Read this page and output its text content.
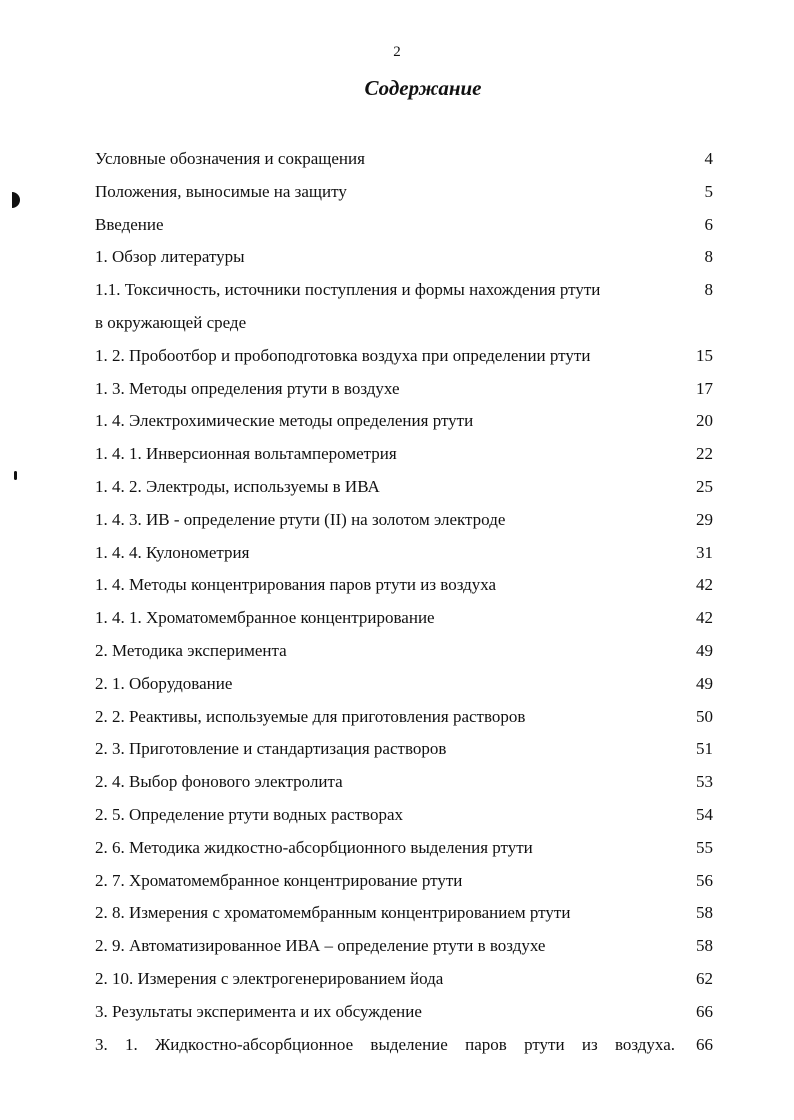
2
Содержание
Условные обозначения и сокращения	4
Положения, выносимые на защиту	5
Введение	6
1. Обзор литературы	8
1.1. Токсичность, источники поступления и формы нахождения ртути	8
в окружающей среде
1. 2. Пробоотбор и пробоподготовка воздуха при определении ртути	15
1. 3. Методы определения ртути в воздухе	17
1. 4. Электрохимические методы определения ртути	20
1. 4. 1. Инверсионная вольтамперометрия	22
1. 4. 2. Электроды, используемы в ИВА	25
1. 4. 3. ИВ - определение ртути (II) на золотом электроде	29
1. 4. 4. Кулонометрия	31
1. 4. Методы концентрирования паров ртути из воздуха	42
1. 4. 1. Хроматомембранное концентрирование	42
2. Методика эксперимента	49
2. 1. Оборудование	49
2. 2. Реактивы, используемые для приготовления растворов	50
2. 3. Приготовление и стандартизация растворов	51
2. 4. Выбор фонового электролита	53
2. 5. Определение ртути водных растворах	54
2. 6. Методика жидкостно-абсорбционного выделения ртути	55
2. 7. Хроматомембранное концентрирование ртути	56
2. 8. Измерения с хроматомембранным концентрированием ртути	58
2. 9. Автоматизированное ИВА – определение ртути в воздухе	58
2. 10. Измерения с электрогенерированием йода	62
3. Результаты эксперимента и их обсуждение	66
3. 1. Жидкостно-абсорбционное выделение паров ртути из воздуха.	66
